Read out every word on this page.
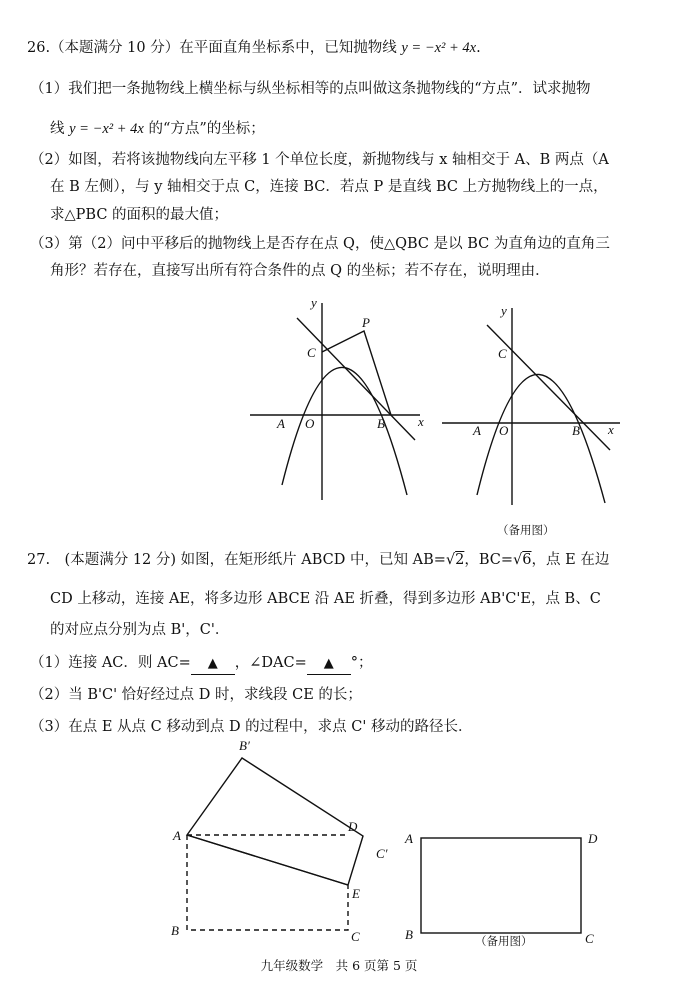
26.（本题满分 10 分）在平面直角坐标系中，已知抛物线 y = −x² + 4x.
（1）我们把一条抛物线上横坐标与纵坐标相等的点叫做这条抛物线的“方点”．试求抛物
线 y = −x² + 4x 的“方点”的坐标；
（2）如图，若将该抛物线向左平移 1 个单位长度，新抛物线与 x 轴相交于 A、B 两点（A
在 B 左侧），与 y 轴相交于点 C，连接 BC．若点 P 是直线 BC 上方抛物线上的一点，
求△PBC 的面积的最大值；
（3）第（2）问中平移后的抛物线上是否存在点 Q，使△QBC 是以 BC 为直角边的直角三
角形？若存在，直接写出所有符合条件的点 Q 的坐标；若不存在，说明理由．
y
x
O
A	B
C
P
y
x
O
A	B
C
（备用图）
27.　(本题满分 12 分) 如图，在矩形纸片 ABCD 中，已知 AB=√2，BC=√6，点 E 在边
CD 上移动，连接 AE，将多边形 ABCE 沿 AE 折叠，得到多边形 AB'C'E，点 B、C
的对应点分别为点 B'，C'．
（1）连接 AC．则 AC= ▲ ，∠DAC= ▲ °；
（2）当 B'C' 恰好经过点 D 时，求线段 CE 的长；
（3）在点 E 从点 C 移动到点 D 的过程中，求点 C' 移动的路径长．
A
B	C
D
E
B′
C′
A	D
B	C
（备用图）
九年级数学　共 6 页第 5 页
